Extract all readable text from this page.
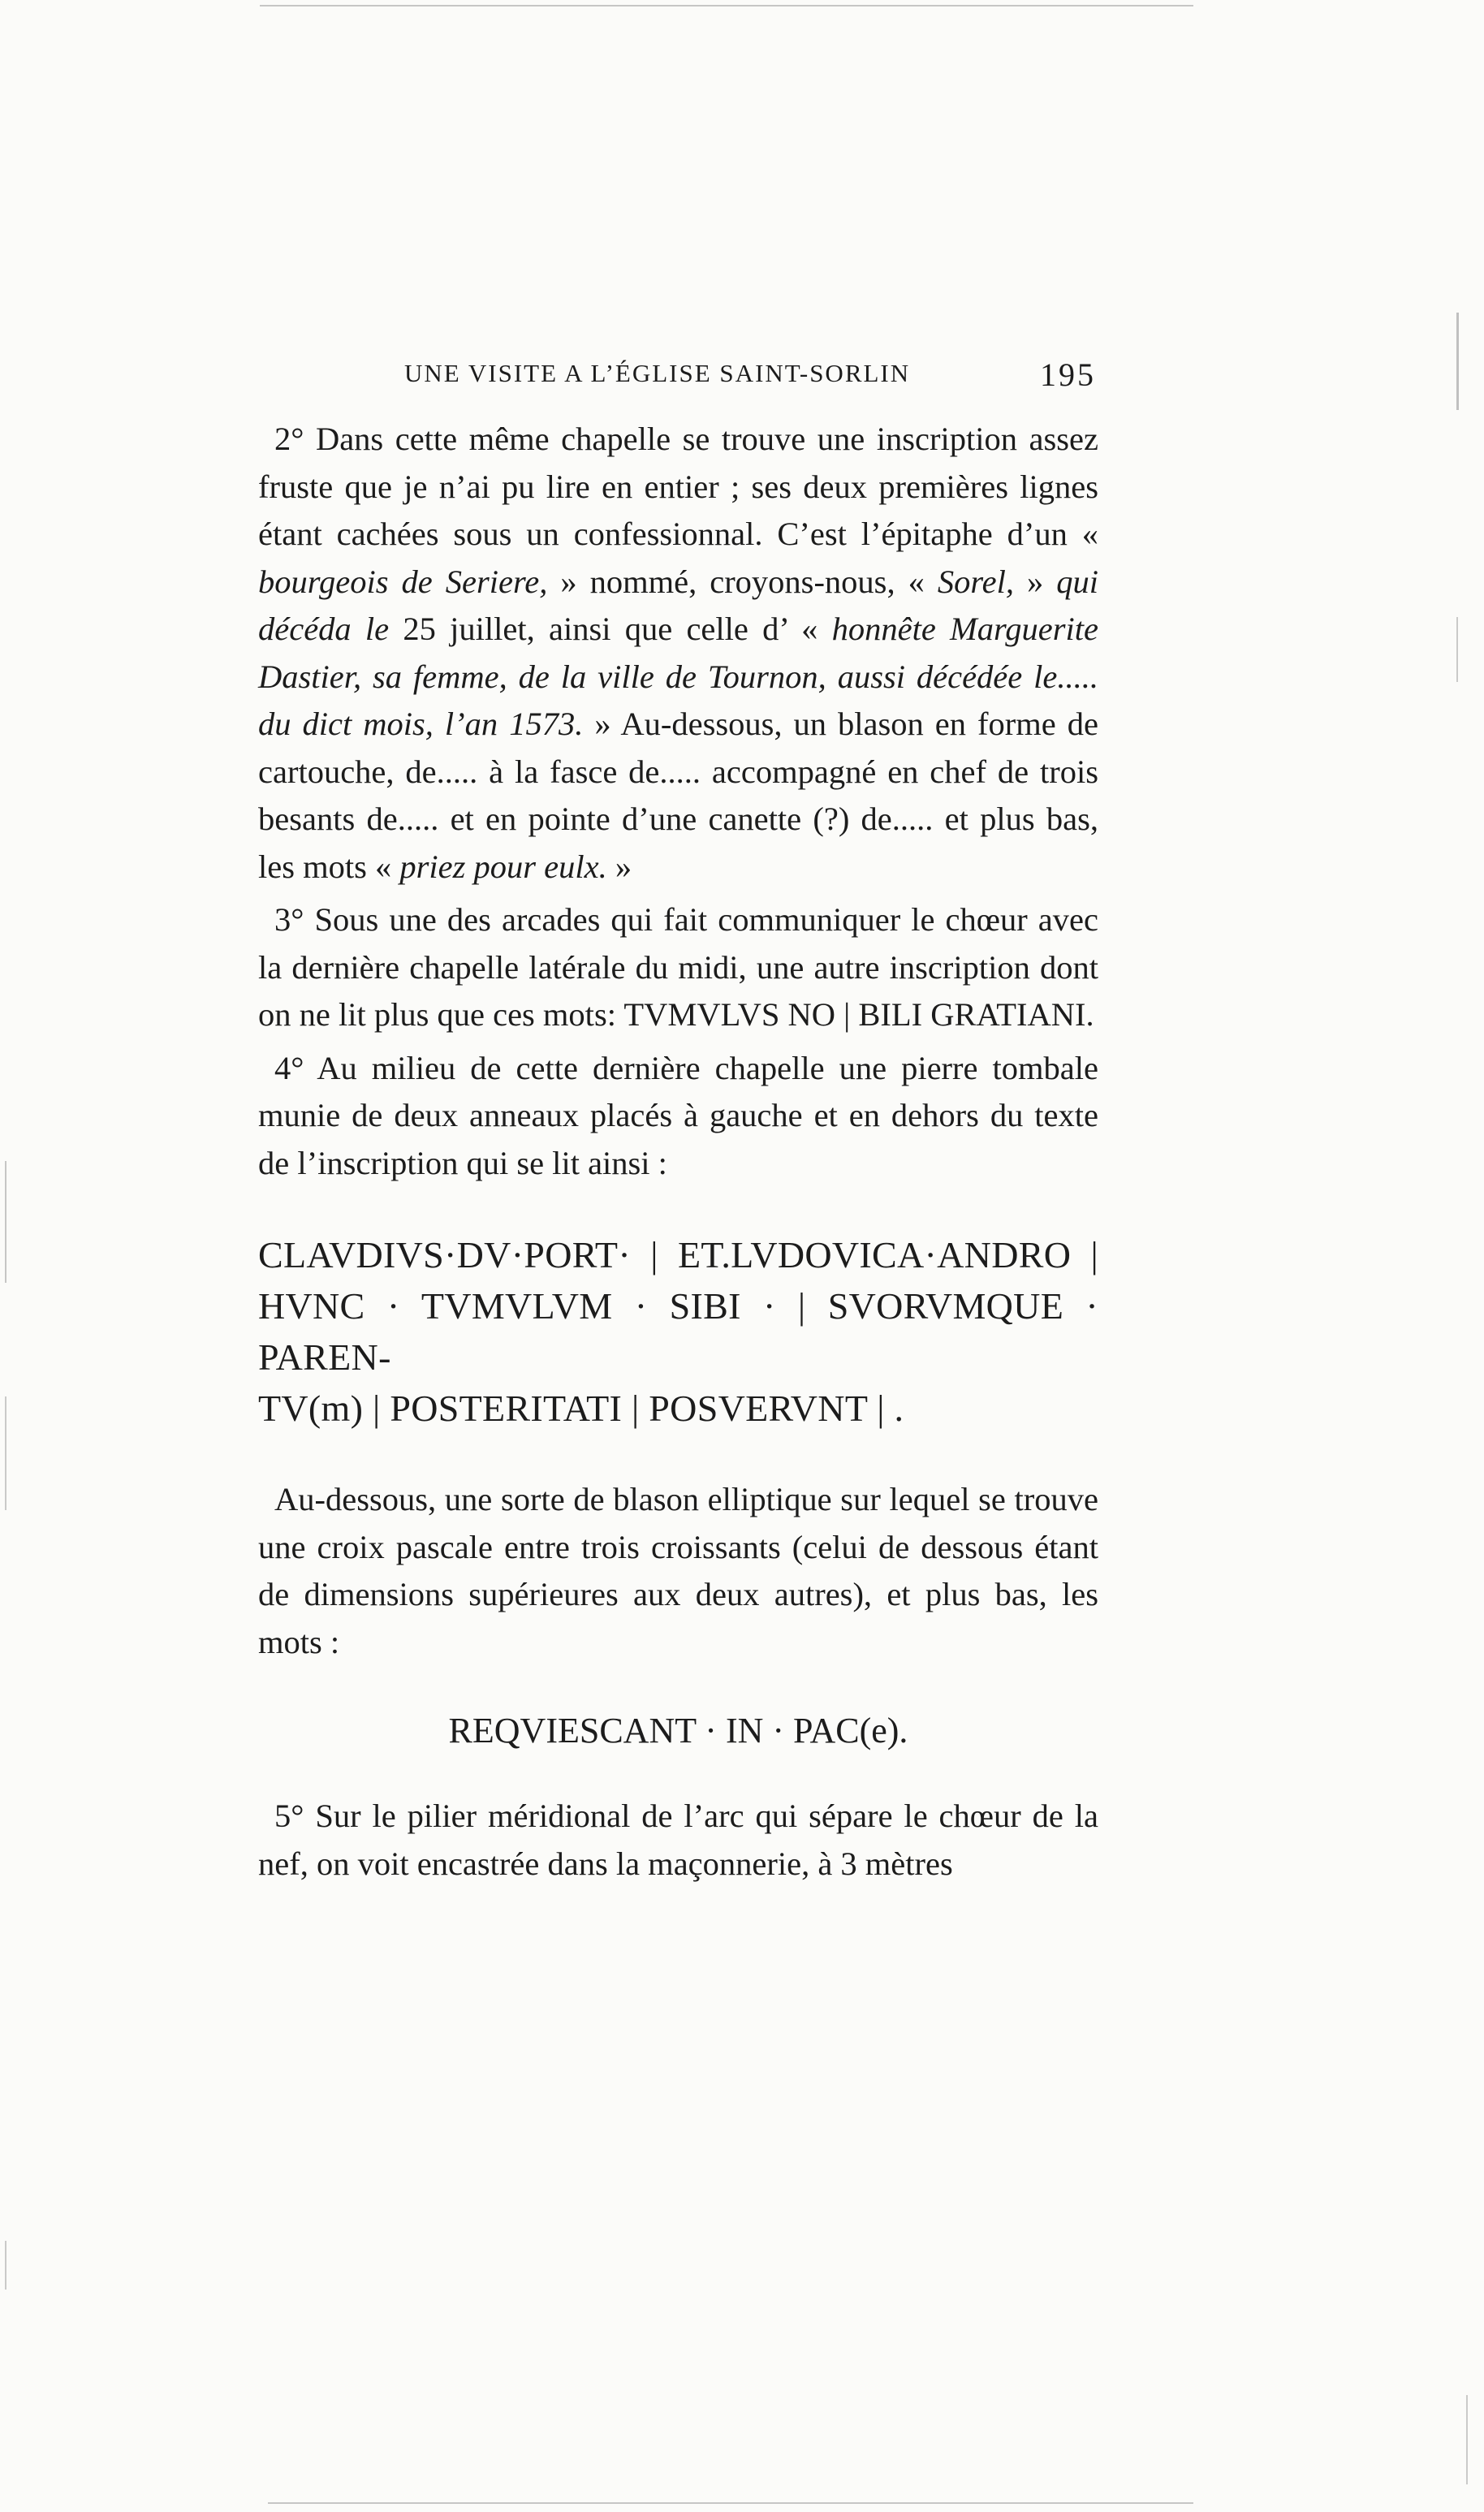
UNE VISITE A L’ÉGLISE SAINT-SORLIN	195

2° Dans cette même chapelle se trouve une inscription assez fruste que je n’ai pu lire en entier ; ses deux premières lignes étant cachées sous un confessionnal. C’est l’épitaphe d’un « bourgeois de Seriere, » nommé, croyons-nous, « Sorel, » qui décéda le 25 juillet, ainsi que celle d’ « honnête Marguerite Dastier, sa femme, de la ville de Tournon, aussi décédée le..... du dict mois, l’an 1573. » Au-dessous, un blason en forme de cartouche, de..... à la fasce de..... accompagné en chef de trois besants de..... et en pointe d’une canette (?) de..... et plus bas, les mots « priez pour eulx. »

3° Sous une des arcades qui fait communiquer le chœur avec la dernière chapelle latérale du midi, une autre inscription dont on ne lit plus que ces mots: TVMVLVS NO | BILI GRATIANI.

4° Au milieu de cette dernière chapelle une pierre tombale munie de deux anneaux placés à gauche et en dehors du texte de l’inscription qui se lit ainsi :

CLAVDIVS·DV·PORT· | ET.LVDOVICA·ANDRO |
HVNC · TVMVLVM · SIBI · | SVORVMQUE · PAREN-
TV(m) | POSTERITATI | POSVERVNT | .

Au-dessous, une sorte de blason elliptique sur lequel se trouve une croix pascale entre trois croissants (celui de dessous étant de dimensions supérieures aux deux autres), et plus bas, les mots :

REQVIESCANT · IN · PAC(e).

5° Sur le pilier méridional de l’arc qui sépare le chœur de la nef, on voit encastrée dans la maçonnerie, à 3 mètres
